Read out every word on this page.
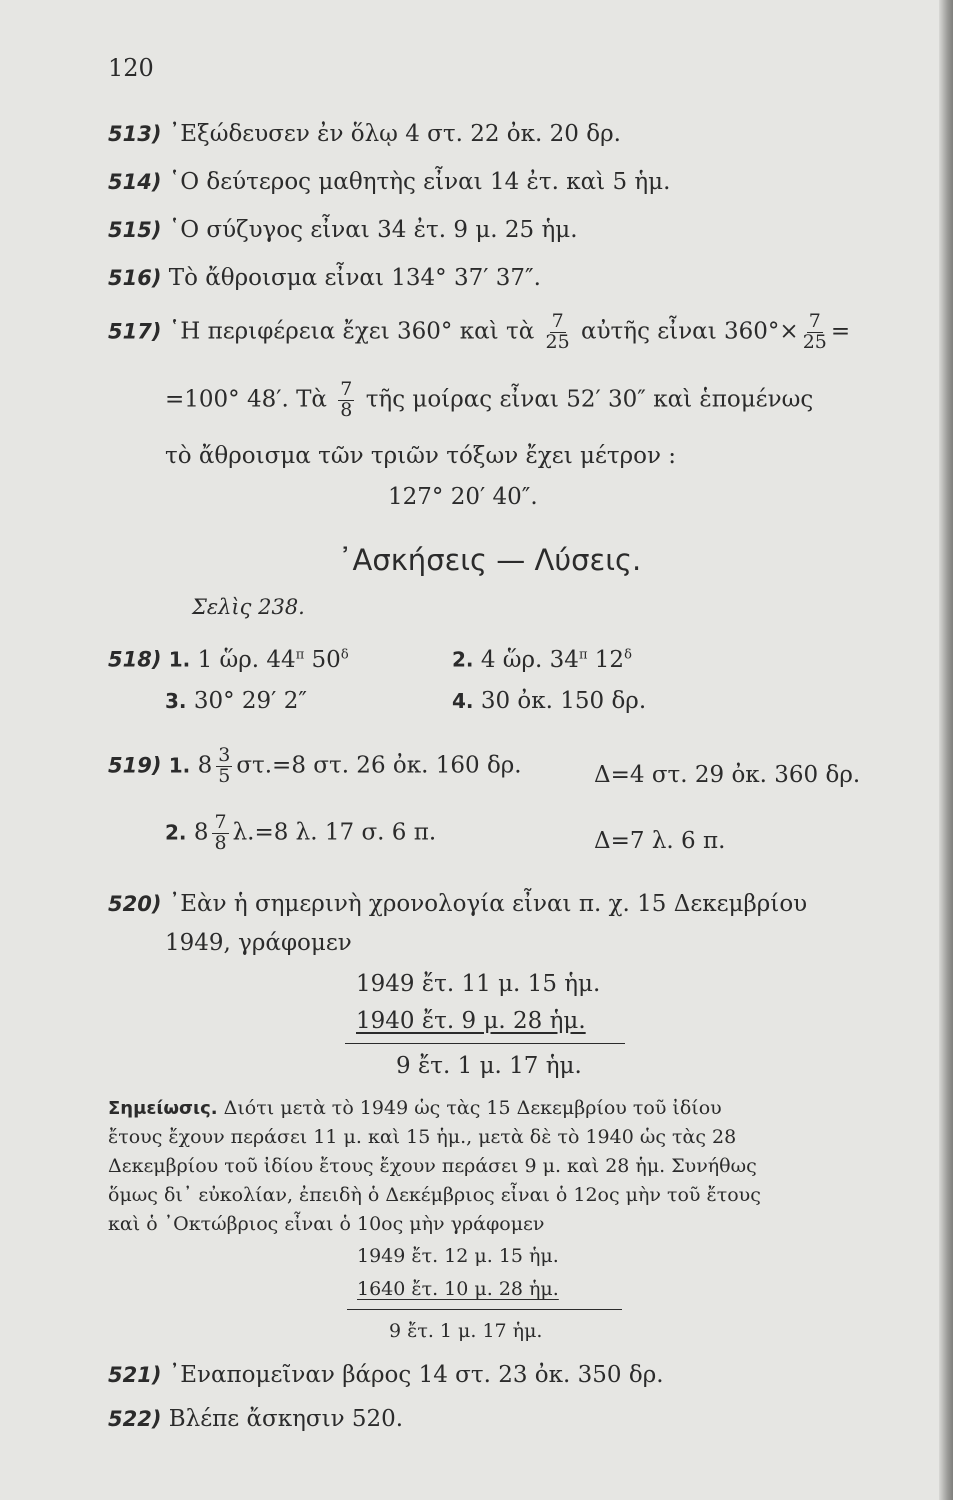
120
513) ᾿Εξώδευσεν ἐν ὅλῳ 4 στ. 22 ὀκ. 20 δρ.
514) ῾Ο δεύτερος μαθητὴς εἶναι 14 ἐτ. καὶ 5 ἡμ.
515) ῾Ο σύζυγος εἶναι 34 ἐτ. 9 μ. 25 ἡμ.
516) Τὸ ἄθροισμα εἶναι 134° 37′ 37″.
517) ῾Η περιφέρεια ἔχει 360° καὶ τὰ $\frac{7}{25}$ αὐτῆς εἶναι $360^\circ\times \frac{7}{25}$ =
=100° 48′. Τὰ $\frac{7}{8}$ τῆς μοίρας εἶναι 52′ 30″ καὶ ἑπομένως
τὸ ἄθροισμα τῶν τριῶν τόξων ἔχει μέτρον :
127° 20′ 40″.
᾿Ασκήσεις — Λύσεις.
Σελὶς 238.
518) 1. 1 ὥρ. $44^\pi$ $50^\delta$	2. 4 ὥρ. $34^\pi$ $12^\delta$
3. 30° 29′ 2″	4. 30 ὀκ. 150 δρ.
519) 1. $8 \frac{3}{5} \sigma\tau.=8$ στ. 26 ὀκ. 160 δρ.	Δ=4 στ. 29 ὀκ. 360 δρ.
2. $8 \frac{7}{8} \lambda.=8$ λ. 17 σ. 6 π.	Δ=7 λ. 6 π.
520) ᾿Εὰν ἡ σημερινὴ χρονολογία εἶναι π. χ. 15 Δεκεμβρίου
1949, γράφομεν
1949 ἔτ. 11 μ. 15 ἡμ.
1940 ἔτ. 9 μ. 28 ἡμ.
9 ἔτ. 1 μ. 17 ἡμ.
Σημείωσις. Διότι μετὰ τὸ 1949 ὡς τὰς 15 Δεκεμβρίου τοῦ ἰδίου
ἔτους ἔχουν περάσει 11 μ. καὶ 15 ἡμ., μετὰ δὲ τὸ 1940 ὡς τὰς 28
Δεκεμβρίου τοῦ ἰδίου ἔτους ἔχουν περάσει 9 μ. καὶ 28 ἡμ. Συνήθως
ὅμως δι᾿ εὐκολίαν, ἐπειδὴ ὁ Δεκέμβριος εἶναι ὁ 12ος μὴν τοῦ ἔτους
καὶ ὁ ᾿Οκτώβριος εἶναι ὁ 10ος μὴν γράφομεν
1949 ἔτ. 12 μ. 15 ἡμ.
1640 ἔτ. 10 μ. 28 ἡμ.
9 ἔτ. 1 μ. 17 ἡμ.
521) ᾿Εναπομεῖναν βάρος 14 στ. 23 ὀκ. 350 δρ.
522) Βλέπε ἄσκησιν 520.
